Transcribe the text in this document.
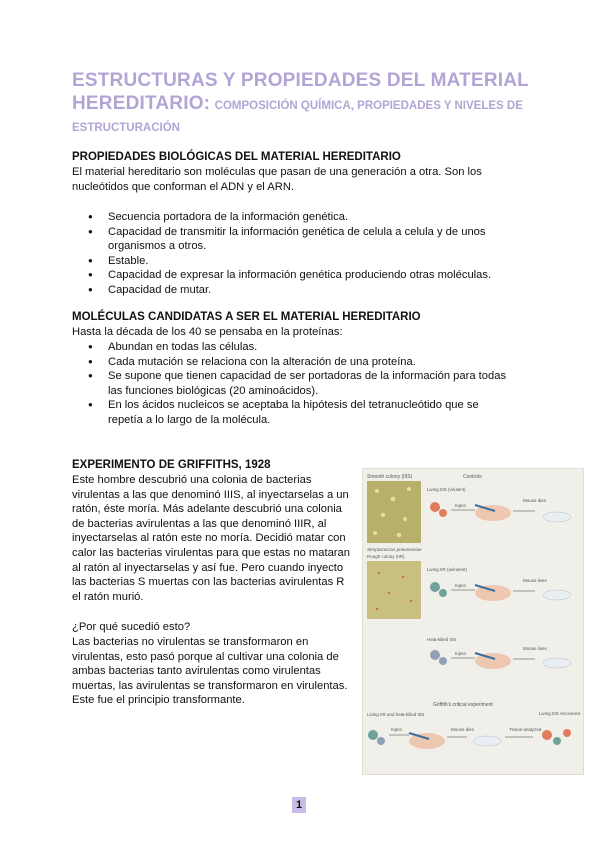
ESTRUCTURAS Y PROPIEDADES DEL MATERIAL HEREDITARIO: COMPOSICIÓN QUÍMICA, PROPIEDADES Y NIVELES DE ESTRUCTURACIÓN
PROPIEDADES BIOLÓGICAS DEL MATERIAL HEREDITARIO
El material hereditario son moléculas que pasan de una generación a otra. Son los nucleótidos que conforman el ADN y el ARN.
● Secuencia portadora de la información genética.
● Capacidad de transmitir la información genética de celula a celula y de unos organismos a otros.
● Estable.
● Capacidad de expresar la información genética produciendo otras moléculas.
● Capacidad de mutar.
MOLÉCULAS CANDIDATAS A SER EL MATERIAL HEREDITARIO
Hasta la década de los 40 se pensaba en la proteínas:
● Abundan en todas las células.
● Cada mutación se relaciona con la alteración de una proteína.
● Se supone que tienen capacidad de ser portadoras de la información para todas las funciones biológicas (20 aminoácidos).
● En los ácidos nucleicos se aceptaba la hipótesis del tetranucleótido que se repetía a lo largo de la molécula.
EXPERIMENTO DE GRIFFITHS, 1928
Este hombre descubrió una colonia de bacterias virulentas a las que denominó IIIS, al inyectarselas a un ratón, éste moría. Más adelante descubrió una colonia de bacterias avirulentas a las que denominó IIIR, al inyectarselas al ratón este no moría. Decidió matar con calor las bacterias virulentas para que estas no mataran al ratón al inyectarselas y así fue. Pero cuando inyecto las bacterias S muertas con las bacterias avirulentas R el ratón murió.
¿Por qué sucedió esto?
Las bacterias no virulentas se transformaron en virulentas, esto pasó porque al cultivar una colonia de ambas bacterias tanto avirulentas como virulentas muertas, las avirulentas se transformaron en virulentas. Este fue el principio transformante.
Smooth colony (IIIS)	Controls
Living IIIS (virulent)
Inject
Mouse dies
Streptococcus pneumoniae
Rough colony (IIR)
Living IIR (avirulent)
Inject
Mouse lives
Heat-killed IIIS
Inject
Mouse lives
Griffith's critical experiment
Living IIR and heat-killed IIIS
Inject	Mouse dies	Tissue analyzed
Living IIIS recovered
1
